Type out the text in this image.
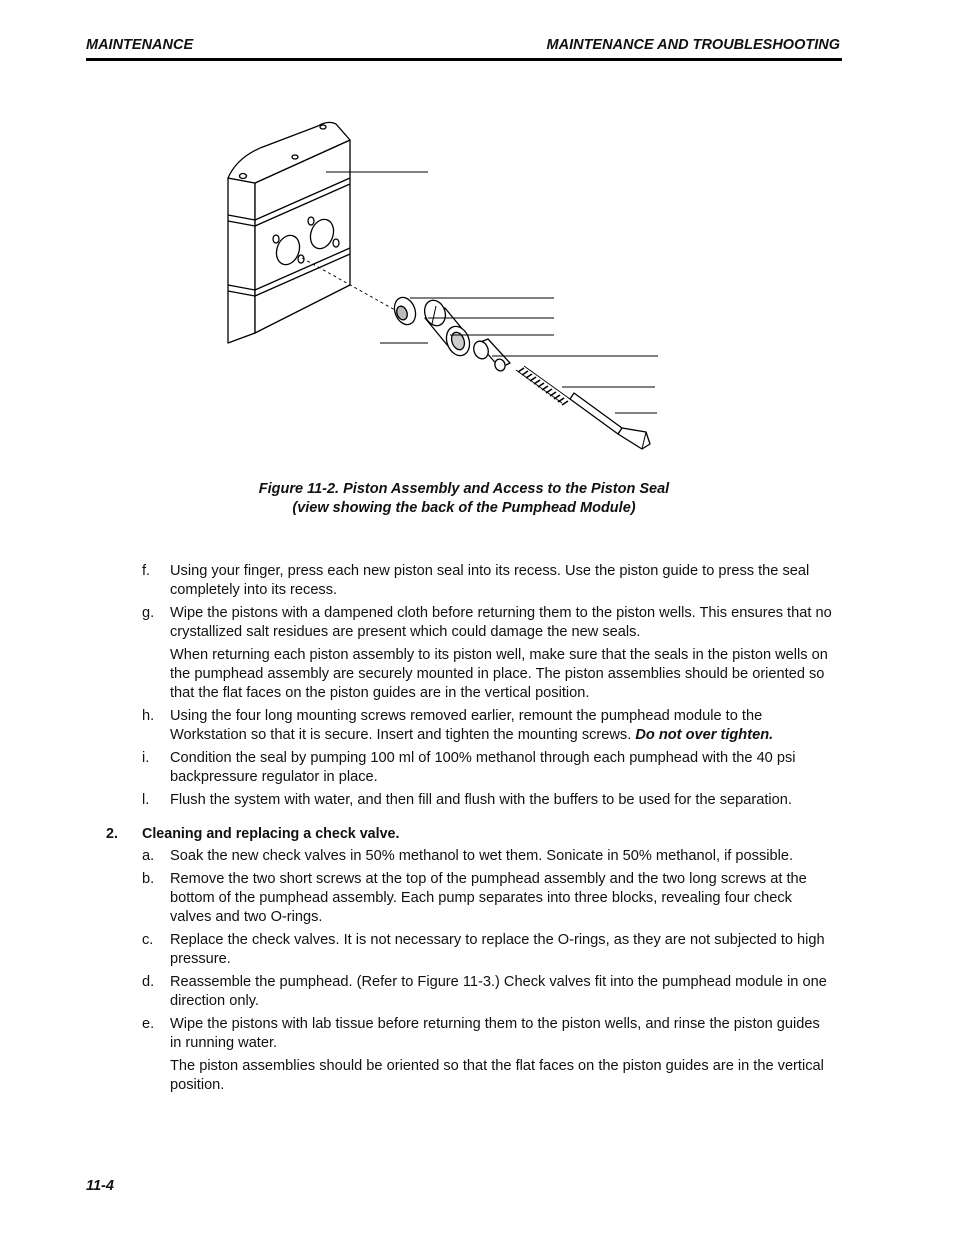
MAINTENANCE	MAINTENANCE AND TROUBLESHOOTING
Figure 11-2. Piston Assembly and Access to the Piston Seal
(view showing the back of the Pumphead Module)
f. Using your finger, press each new piston seal into its recess. Use the piston guide to press the seal completely into its recess.
g. Wipe the pistons with a dampened cloth before returning them to the piston wells. This ensures that no crystallized salt residues are present which could damage the new seals.

When returning each piston assembly to its piston well, make sure that the seals in the piston wells on the pumphead assembly are securely mounted in place. The piston assemblies should be oriented so that the flat faces on the piston guides are in the vertical position.

h. Using the four long mounting screws removed earlier, remount the pumphead module to the Workstation so that it is secure. Insert and tighten the mounting screws. Do not over tighten.
i. Condition the seal by pumping 100 ml of 100% methanol through each pumphead with the 40 psi backpressure regulator in place.
l. Flush the system with water, and then fill and flush with the buffers to be used for the separation.
2. Cleaning and replacing a check valve.
a. Soak the new check valves in 50% methanol to wet them. Sonicate in 50% methanol, if possible.
b. Remove the two short screws at the top of the pumphead assembly and the two long screws at the bottom of the pumphead assembly. Each pump separates into three blocks, revealing four check valves and two O-rings.
c. Replace the check valves. It is not necessary to replace the O-rings, as they are not subjected to high pressure.
d. Reassemble the pumphead. (Refer to Figure 11-3.) Check valves fit into the pumphead module in one direction only.
e. Wipe the pistons with lab tissue before returning them to the piston wells, and rinse the piston guides in running water.

The piston assemblies should be oriented so that the flat faces on the piston guides are in the vertical position.

11-4
